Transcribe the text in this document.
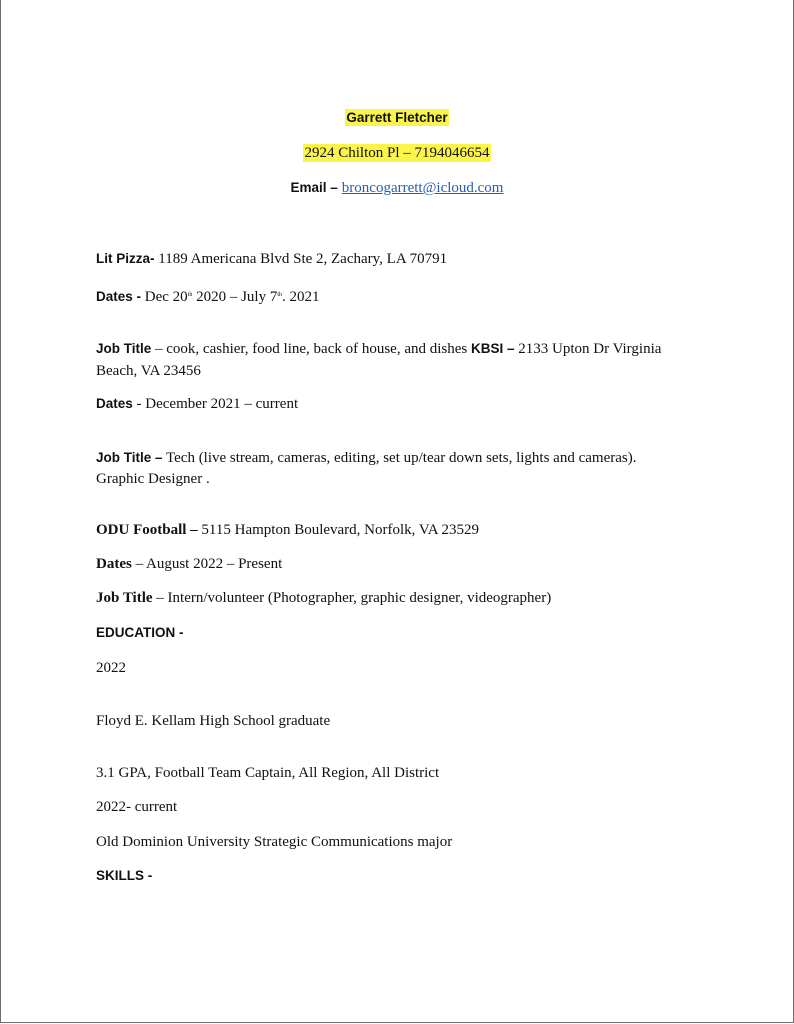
Garrett Fletcher
2924 Chilton Pl – 7194046654
Email – broncogarrett@icloud.com
Lit Pizza- 1189 Americana Blvd Ste 2, Zachary, LA 70791
Dates - Dec 20th 2020 – July 7th. 2021
Job Title – cook, cashier, food line, back of house, and dishes KBSI – 2133 Upton Dr Virginia
Beach, VA 23456
Dates - December 2021 – current
Job Title – Tech (live stream, cameras, editing, set up/tear down sets, lights and cameras).
Graphic Designer .
ODU Football – 5115 Hampton Boulevard, Norfolk, VA 23529
Dates – August 2022 – Present
Job Title – Intern/volunteer (Photographer, graphic designer, videographer)
EDUCATION -
2022
Floyd E. Kellam High School graduate
3.1 GPA, Football Team Captain, All Region, All District
2022- current
Old Dominion University Strategic Communications major
SKILLS -
